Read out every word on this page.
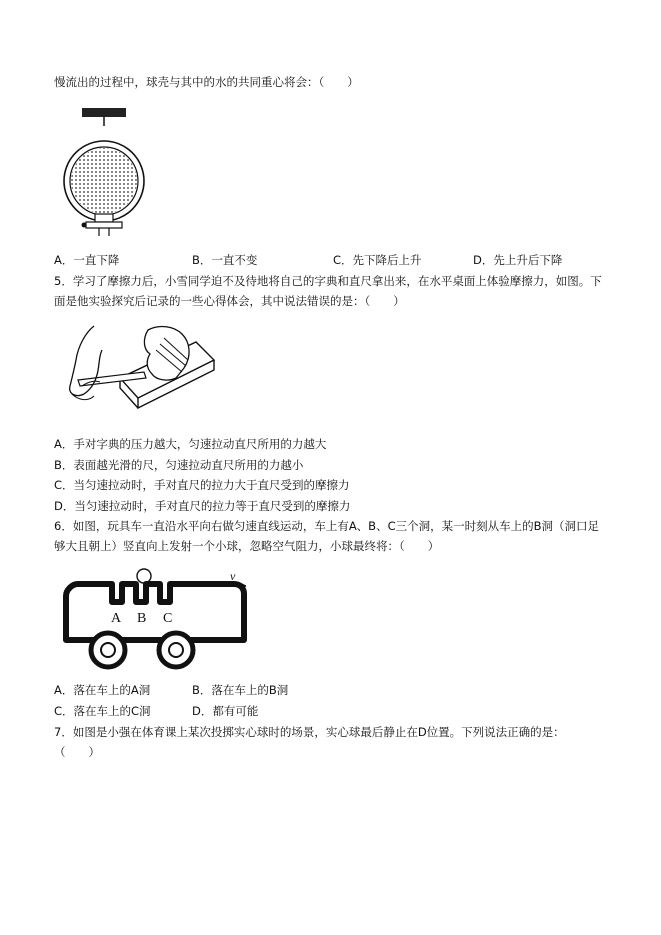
慢流出的过程中，球壳与其中的水的共同重心将会：（　　）
A．一直下降	B．一直不变	C．先下降后上升	D．先上升后下降
5．学习了摩擦力后，小雪同学迫不及待地将自己的字典和直尺拿出来，在水平桌面上体验摩擦力，如图。下
面是他实验探究后记录的一些心得体会，其中说法错误的是：（　　）
A．手对字典的压力越大，匀速拉动直尺所用的力越大
B．表面越光滑的尺，匀速拉动直尺所用的力越小
C．当匀速拉动时，手对直尺的拉力大于直尺受到的摩擦力
D．当匀速拉动时，手对直尺的拉力等于直尺受到的摩擦力
6．如图，玩具车一直沿水平向右做匀速直线运动，车上有A、B、C三个洞，某一时刻从车上的B洞（洞口足
够大且朝上）竖直向上发射一个小球，忽略空气阻力，小球最终将：（　　）
v
A B C
A．落在车上的A洞	B．落在车上的B洞
C．落在车上的C洞	D．都有可能
7．如图是小强在体育课上某次投掷实心球时的场景，实心球最后静止在D位置。下列说法正确的是：
（　　）
